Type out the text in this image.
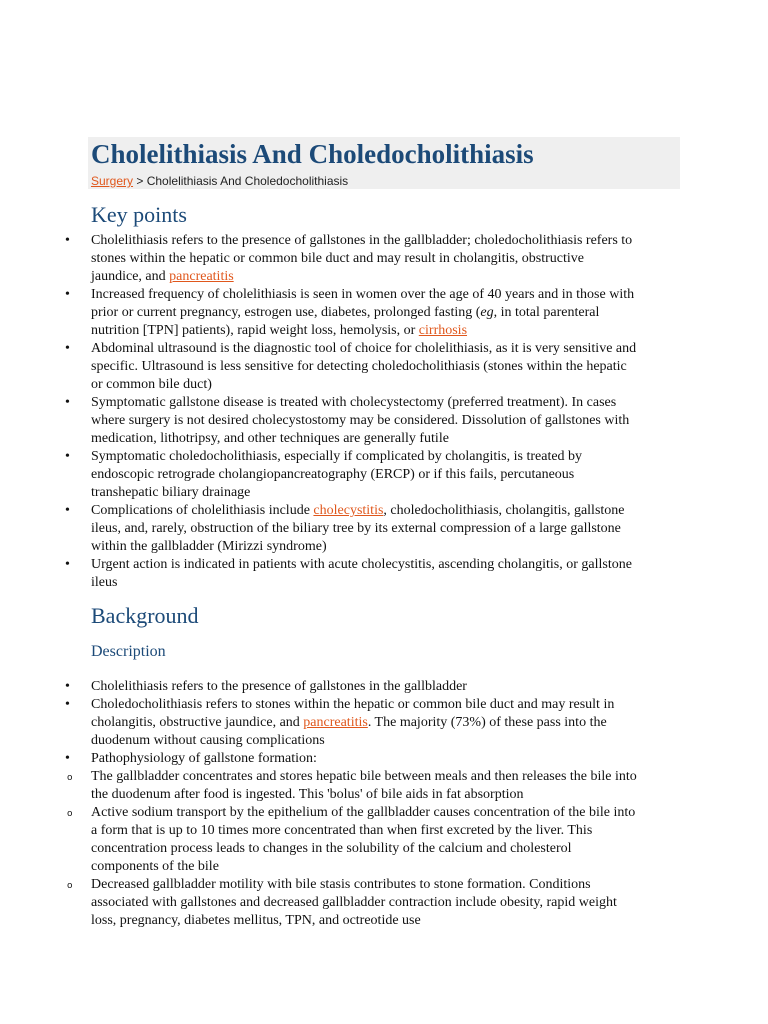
Cholelithiasis And Choledocholithiasis
Surgery > Cholelithiasis And Choledocholithiasis
Key points
• Cholelithiasis refers to the presence of gallstones in the gallbladder; choledocholithiasis refers to
stones within the hepatic or common bile duct and may result in cholangitis, obstructive
jaundice, and pancreatitis
• Increased frequency of cholelithiasis is seen in women over the age of 40 years and in those with
prior or current pregnancy, estrogen use, diabetes, prolonged fasting (eg, in total parenteral
nutrition [TPN] patients), rapid weight loss, hemolysis, or cirrhosis
• Abdominal ultrasound is the diagnostic tool of choice for cholelithiasis, as it is very sensitive and
specific. Ultrasound is less sensitive for detecting choledocholithiasis (stones within the hepatic
or common bile duct)
• Symptomatic gallstone disease is treated with cholecystectomy (preferred treatment). In cases
where surgery is not desired cholecystostomy may be considered. Dissolution of gallstones with
medication, lithotripsy, and other techniques are generally futile
• Symptomatic choledocholithiasis, especially if complicated by cholangitis, is treated by
endoscopic retrograde cholangiopancreatography (ERCP) or if this fails, percutaneous
transhepatic biliary drainage
• Complications of cholelithiasis include cholecystitis, choledocholithiasis, cholangitis, gallstone
ileus, and, rarely, obstruction of the biliary tree by its external compression of a large gallstone
within the gallbladder (Mirizzi syndrome)
• Urgent action is indicated in patients with acute cholecystitis, ascending cholangitis, or gallstone
ileus
Background
Description
• Cholelithiasis refers to the presence of gallstones in the gallbladder
• Choledocholithiasis refers to stones within the hepatic or common bile duct and may result in
cholangitis, obstructive jaundice, and pancreatitis. The majority (73%) of these pass into the
duodenum without causing complications
• Pathophysiology of gallstone formation:
o The gallbladder concentrates and stores hepatic bile between meals and then releases the bile into
the duodenum after food is ingested. This 'bolus' of bile aids in fat absorption
o Active sodium transport by the epithelium of the gallbladder causes concentration of the bile into
a form that is up to 10 times more concentrated than when first excreted by the liver. This
concentration process leads to changes in the solubility of the calcium and cholesterol
components of the bile
o Decreased gallbladder motility with bile stasis contributes to stone formation. Conditions
associated with gallstones and decreased gallbladder contraction include obesity, rapid weight
loss, pregnancy, diabetes mellitus, TPN, and octreotide use
